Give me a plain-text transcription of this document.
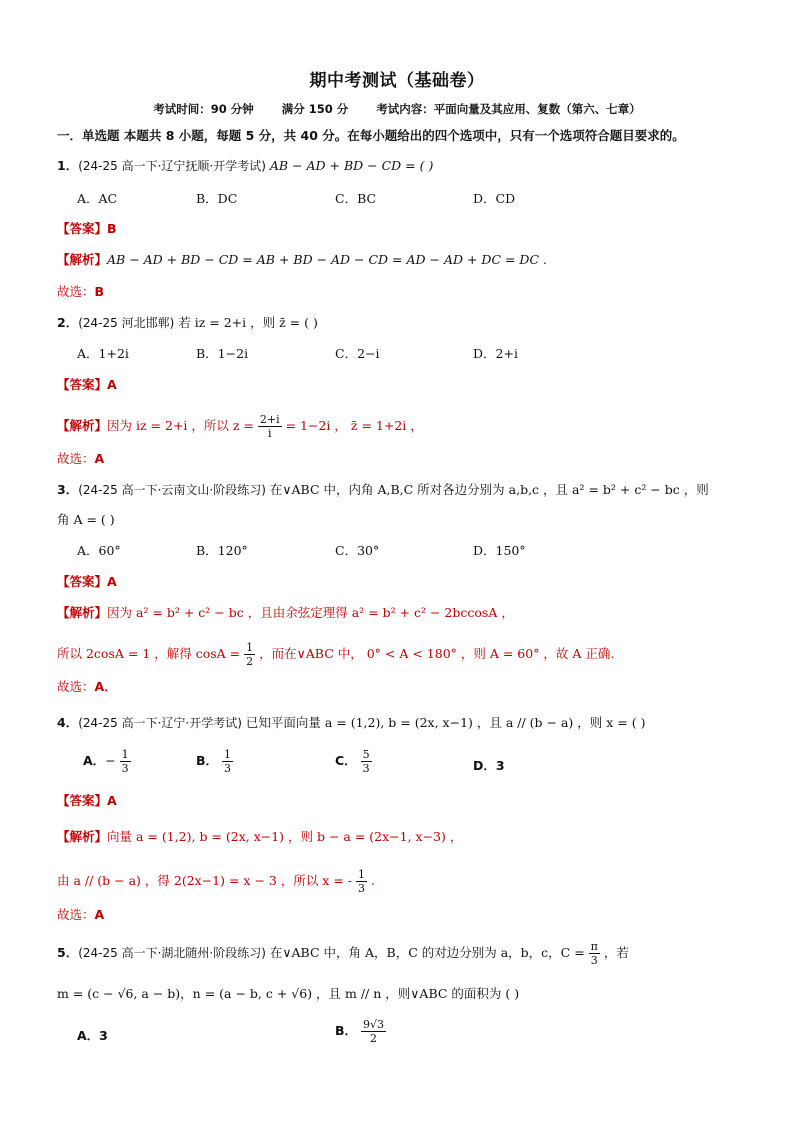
期中考测试（基础卷）
考试时间：90 分钟 满分 150 分 考试内容：平面向量及其应用、复数（第六、七章）
一．单选题 本题共 8 小题，每题 5 分，共 40 分。在每小题给出的四个选项中，只有一个选项符合题目要求的。
1．(24-25 高一下·辽宁抚顺·开学考试) AB − AD + BD − CD = ( )
A．AC	B．DC	C．BC	D．CD
【答案】B
【解析】AB − AD + BD − CD = AB + BD − AD − CD = AD − AD + DC = DC .
故选：B
2．(24-25 河北邯郸) 若 iz = 2+i ，则 z̄ = ( )
A．1+2i	B．1−2i	C．2−i	D．2+i
【答案】A
【解析】因为 iz = 2+i ，所以 $z = \frac{2+i}{i} = 1-2i$ ， z̄ = 1+2i ，
故选：A
3．(24-25 高一下·云南文山·阶段练习) 在∨ABC 中，内角 A,B,C 所对各边分别为 a,b,c ，且 a² = b² + c² − bc ，则
角 A = ( )
A．60°	B．120°	C．30°	D．150°
【答案】A
【解析】因为 a² = b² + c² − bc ，且由余弦定理得 a² = b² + c² − 2bccosA ，
所以 2cosA = 1 ，解得 $\cos A = \frac{1}{2}$ ，而在∨ABC 中， 0° < A < 180° ，则 A = 60° ，故 A 正确.
故选：A．
4．(24-25 高一下·辽宁·开学考试) 已知平面向量 a = (1,2), b = (2x, x−1) ，且 a // (b − a) ，则 x = ( )
A．− $\frac{1}{3}$	B． $\frac{1}{3}$	C． $\frac{5}{3}$	D．3
【答案】A
【解析】向量 a = (1,2), b = (2x, x−1) ，则 b − a = (2x−1, x−3) ，
由 a // (b − a) ，得 2(2x−1) = x − 3 ，所以 x = - $\frac{1}{3}$ .
故选：A
5．(24-25 高一下·湖北随州·阶段练习) 在∨ABC 中，角 A，B，C 的对边分别为 a，b，c，$C = \frac{\pi}{3}$ ，若
m = (c − √6, a − b)，n = (a − b, c + √6) ，且 m // n ，则∨ABC 的面积为 ( )
A．3	B． $\frac{9√3}{2}$
